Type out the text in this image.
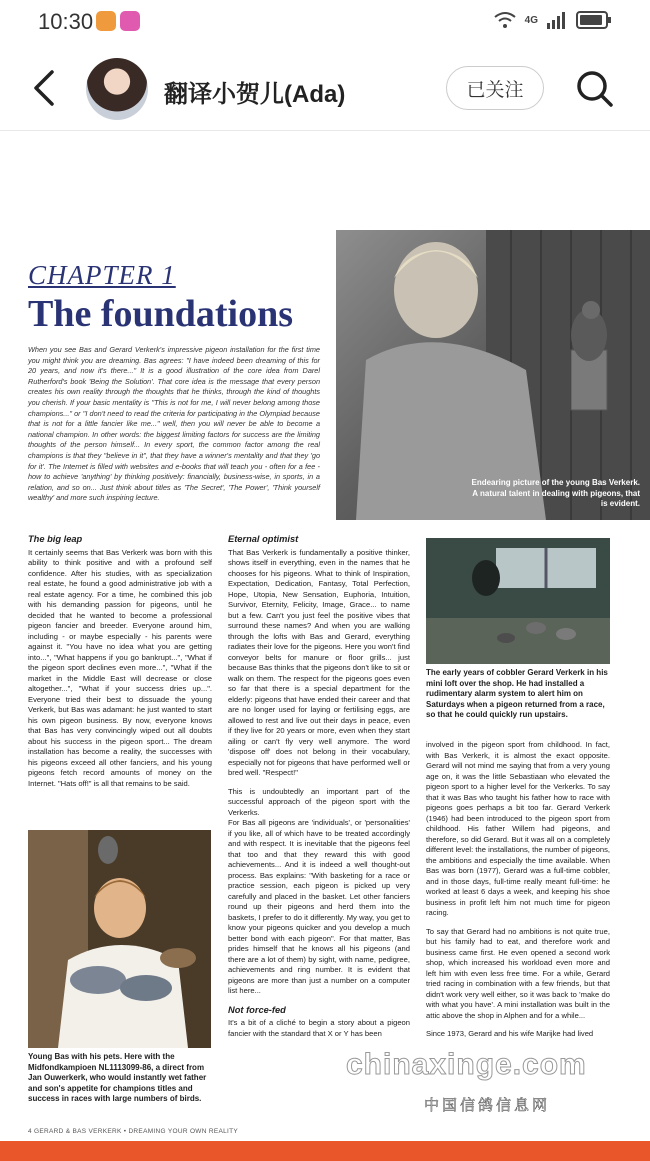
10:30	4G
翻译小贺儿(Ada)	已关注
Endearing picture of the young Bas Verkerk. A natural talent in dealing with pigeons, that is evident.
CHAPTER 1
The foundations
When you see Bas and Gerard Verkerk's impressive pigeon installation for the first time you might think you are dreaming. Bas agrees: "I have indeed been dreaming of this for 20 years, and now it's there..." It is a good illustration of the core idea from Darel Rutherford's book 'Being the Solution'. That core idea is the message that every person creates his own reality through the thoughts that he thinks, through the kind of thoughts you cherish. If your basic mentality is "This is not for me, I will never belong among those champions..." or "I don't need to read the criteria for participating in the Olympiad because that is not for a little fancier like me..." well, then you will never be able to become a national champion. In other words: the biggest limiting factors for success are the limiting thoughts of the person himself... In every sport, the common factor among the real champions is that they "believe in it", that they have a winner's mentality and that they 'go for it'. The Internet is filled with websites and e-books that will teach you - often for a fee - how to achieve 'anything' by thinking positively: financially, business-wise, in sports, in a relation, and so on... Just think about titles as 'The Secret', 'The Power', 'Think yourself wealthy' and more such inspiring lecture.
The big leap

It certainly seems that Bas Verkerk was born with this ability to think positive and with a profound self confidence. After his studies, with as specialization real estate, he found a good administrative job with a real estate agency. For a time, he combined this job with his demanding passion for pigeons, until he decided that he wanted to become a professional pigeon fancier and breeder. Everyone around him, including - or maybe especially - his parents were against it. "You have no idea what you are getting into...", "What happens if you go bankrupt...", "What if the pigeon sport declines even more...", "What if the market in the Middle East will decrease or close altogether...", "What if your success dries up...". Everyone tried their best to dissuade the young Verkerk, but Bas was adamant: he just wanted to start his own pigeon business. By now, everyone knows that Bas has very convincingly wiped out all doubts about his success in the pigeon sport... The dream installation has become a reality, the successes with his pigeons exceed all other fanciers, and his young pigeons fetch record amounts of money on the Internet. "Hats off!" is all that remains to be said.

Young Bas with his pets. Here with the Midfondkampioen NL1113099-86, a direct from Jan Ouwerkerk, who would instantly wet father and son's appetite for champions titles and success in races with large numbers of birds.
Eternal optimist

That Bas Verkerk is fundamentally a positive thinker, shows itself in everything, even in the names that he chooses for his pigeons. What to think of Inspiration, Expectation, Dedication, Fantasy, Total Perfection, Hope, Utopia, New Sensation, Euphoria, Intuition, Survivor, Eternity, Felicity, Image, Grace... to name but a few. Can't you just feel the positive vibes that surround these names? And when you are walking through the lofts with Bas and Gerard, everything radiates their love for the pigeons. Here you won't find conveyor belts for manure or floor grills... just because Bas thinks that the pigeons don't like to sit or walk on them. The respect for the pigeons goes even so far that there is a special department for the elderly: pigeons that have ended their career and that are no longer used for laying or fertilising eggs, are allowed to rest and live out their days in peace, even if they live for 20 years or more, even when they start ailing or can't fly very well anymore. The word 'dispose off' does not belong in their vocabulary, especially not for pigeons that have performed well or bred well. "Respect!"

This is undoubtedly an important part of the successful approach of the pigeon sport with the Verkerks.
For Bas all pigeons are 'individuals', or 'personalities' if you like, all of which have to be treated accordingly and with respect. It is inevitable that the pigeons feel that too and that they reward this with good achievements... And it is indeed a well thought-out process. Bas explains: "With basketing for a race or practice session, each pigeon is picked up very carefully and placed in the basket. Let other fanciers round up their pigeons and herd them into the baskets, I prefer to do it differently. My way, you get to know your pigeons quicker and you develop a much better bond with each pigeon". For that matter, Bas prides himself that he knows all his pigeons (and there are a lot of them) by sight, with name, pedigree, achievements and ring number. It is evident that pigeons are more than just a number on a computer list here...

Not force-fed

It's a bit of a cliché to begin a story about a pigeon fancier with the standard that X or Y has been

The early years of cobbler Gerard Verkerk in his mini loft over the shop. He had installed a rudimentary alarm system to alert him on Saturdays when a pigeon returned from a race, so that he could quickly run upstairs.

involved in the pigeon sport from childhood. In fact, with Bas Verkerk, it is almost the exact opposite. Gerard will not mind me saying that from a very young age on, it was the little Sebastiaan who elevated the pigeon sport to a higher level for the Verkerks. To say that it was Bas who taught his father how to race with pigeons goes perhaps a bit too far. Gerard Verkerk (1946) had been introduced to the pigeon sport from childhood. His father Willem had pigeons, and therefore, so did Gerard. But it was all on a completely different level: the installations, the number of pigeons, the ambitions and especially the time available. When Bas was born (1977), Gerard was a full-time cobbler, and in those days, full-time really meant full-time: he worked at least 6 days a week, and keeping his shoe business in profit left him not much time for pigeon racing.

To say that Gerard had no ambitions is not quite true, but his family had to eat, and therefore work and business came first. He even opened a second work shop, which increased his workload even more and left him with even less free time. For a while, Gerard tried racing in combination with a few friends, but that didn't work very well either, so it was back to 'make do with what you have'. A mini installation was built in the attic above the shop in Alphen and for a while...

Since 1973, Gerard and his wife Marijke had lived

4 GERARD & BAS VERKERK • DREAMING YOUR OWN REALITY
chinaxinge.com
中国信鸽信息网
